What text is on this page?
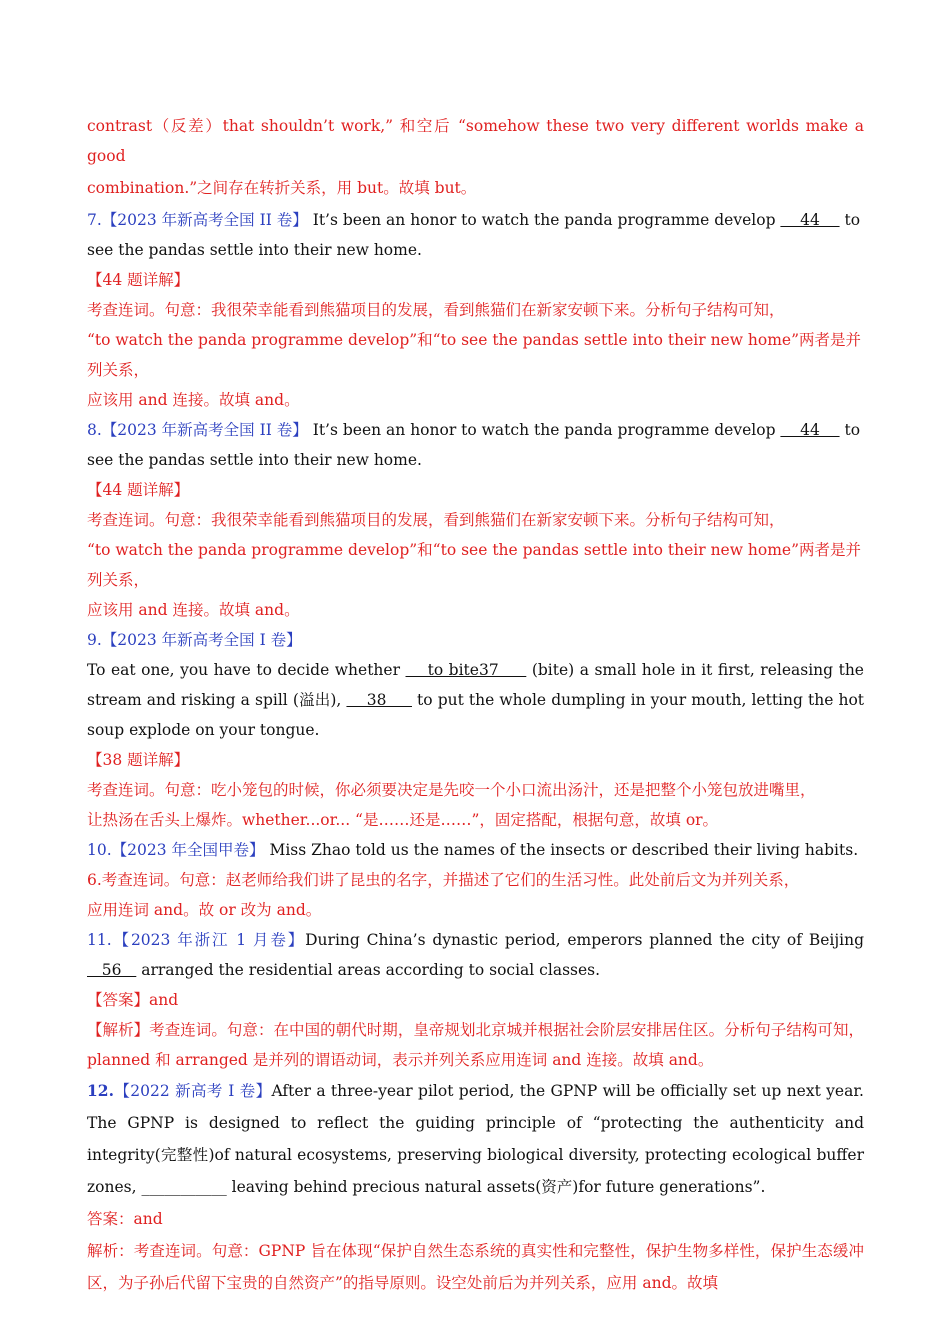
contrast（反差）that shouldn’t work,” 和空后 “somehow these two very different worlds make a good

combination.”之间存在转折关系，用 but。故填 but。

7.【2023 年新高考全国 II 卷】 It’s been an honor to watch the panda programme develop     44     to see the pandas settle into their new home.

【44 题详解】

考查连词。句意：我很荣幸能看到熊猫项目的发展，看到熊猫们在新家安顿下来。分析句子结构可知，

“to watch the panda programme develop”和“to see the pandas settle into their new home”两者是并列关系，

应该用 and 连接。故填 and。

8.【2023 年新高考全国 II 卷】 It’s been an honor to watch the panda programme develop     44     to see the pandas settle into their new home.

【44 题详解】

考查连词。句意：我很荣幸能看到熊猫项目的发展，看到熊猫们在新家安顿下来。分析句子结构可知，

“to watch the panda programme develop”和“to see the pandas settle into their new home”两者是并列关系，

应该用 and 连接。故填 and。

9.【2023 年新高考全国 I 卷】

To eat one, you have to decide whether     to bite37      (bite) a small hole in it first, releasing the stream and risking a spill (溢出),     38      to put the whole dumpling in your mouth, letting the hot soup explode on your tongue.

【38 题详解】

考查连词。句意：吃小笼包的时候，你必须要决定是先咬一个小口流出汤汁，还是把整个小笼包放进嘴里，

让热汤在舌头上爆炸。whether...or... “是……还是……”，固定搭配，根据句意，故填 or。

10.【2023 年全国甲卷】 Miss Zhao told us the names of the insects or described their living habits.

6.考查连词。句意：赵老师给我们讲了昆虫的名字，并描述了它们的生活习性。此处前后文为并列关系，

应用连词 and。故 or 改为 and。

11.【2023 年浙江 1 月卷】During China’s dynastic period, emperors planned the city of Beijing    56    arranged the residential areas according to social classes.

【答案】and

【解析】考查连词。句意：在中国的朝代时期，皇帝规划北京城并根据社会阶层安排居住区。分析句子结构可知，planned 和 arranged 是并列的谓语动词，表示并列关系应用连词 and 连接。故填 and。

12.【2022 新高考 I 卷】After a three-year pilot period, the GPNP will be officially set up next year. The GPNP is designed to reflect the guiding principle of “protecting the authenticity and integrity(完整性)of natural ecosystems, preserving biological diversity, protecting ecological buffer zones, ___________ leaving behind precious natural assets(资产)for future generations”.

答案：and

解析：考查连词。句意：GPNP 旨在体现“保护自然生态系统的真实性和完整性，保护生物多样性，保护生态缓冲区，为子孙后代留下宝贵的自然资产”的指导原则。设空处前后为并列关系，应用 and。故填
